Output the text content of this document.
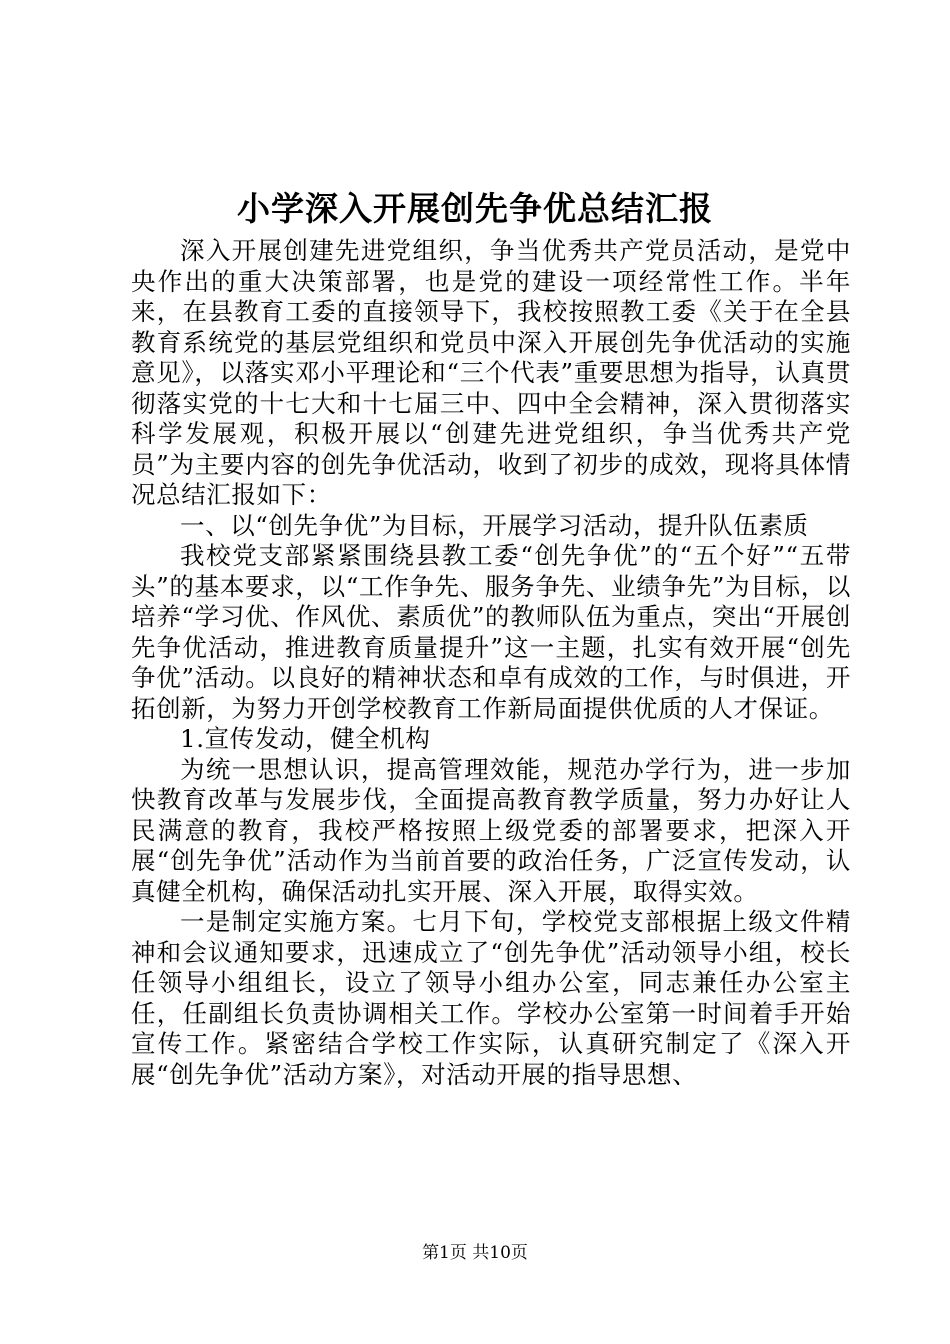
小学深入开展创先争优总结汇报

深入开展创建先进党组织，争当优秀共产党员活动，是党中央作出的重大决策部署，也是党的建设一项经常性工作。半年来，在县教育工委的直接领导下，我校按照教工委《关于在全县教育系统党的基层党组织和党员中深入开展创先争优活动的实施意见》，以落实邓小平理论和“三个代表”重要思想为指导，认真贯彻落实党的十七大和十七届三中、四中全会精神，深入贯彻落实科学发展观，积极开展以“创建先进党组织，争当优秀共产党员”为主要内容的创先争优活动，收到了初步的成效，现将具体情况总结汇报如下：

一、以“创先争优”为目标，开展学习活动，提升队伍素质

我校党支部紧紧围绕县教工委“创先争优”的“五个好”“五带头”的基本要求，以“工作争先、服务争先、业绩争先”为目标，以培养“学习优、作风优、素质优”的教师队伍为重点，突出“开展创先争优活动，推进教育质量提升”这一主题，扎实有效开展“创先争优”活动。以良好的精神状态和卓有成效的工作，与时俱进，开拓创新，为努力开创学校教育工作新局面提供优质的人才保证。

1.宣传发动，健全机构

为统一思想认识，提高管理效能，规范办学行为，进一步加快教育改革与发展步伐，全面提高教育教学质量，努力办好让人民满意的教育，我校严格按照上级党委的部署要求，把深入开展“创先争优”活动作为当前首要的政治任务，广泛宣传发动，认真健全机构，确保活动扎实开展、深入开展，取得实效。

一是制定实施方案。七月下旬，学校党支部根据上级文件精神和会议通知要求，迅速成立了“创先争优”活动领导小组，校长任领导小组组长，设立了领导小组办公室，同志兼任办公室主任，任副组长负责协调相关工作。学校办公室第一时间着手开始宣传工作。紧密结合学校工作实际，认真研究制定了《深入开展“创先争优”活动方案》，对活动开展的指导思想、

第1页 共10页
